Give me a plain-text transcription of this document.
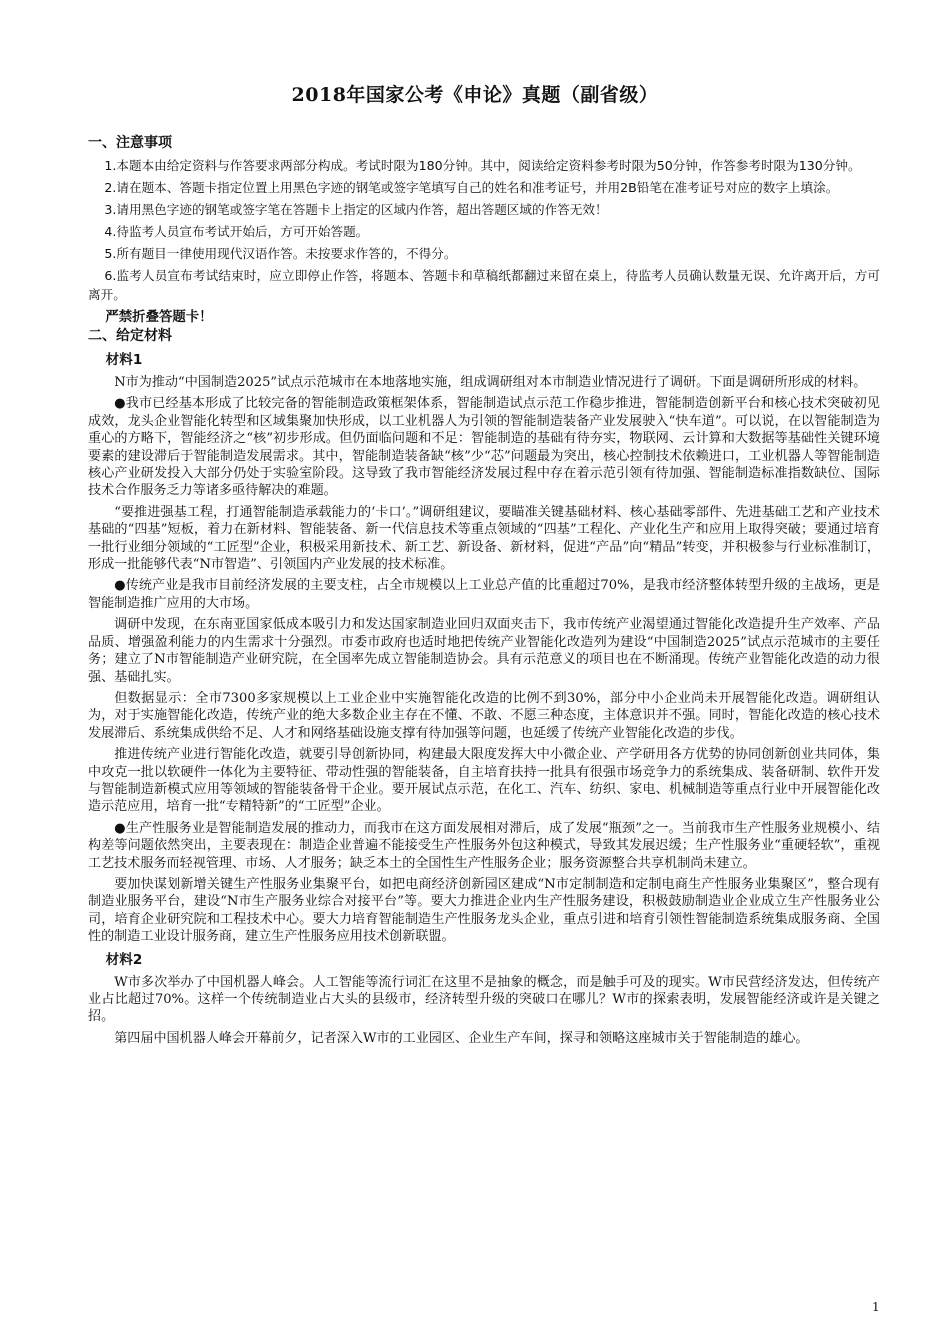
2018年国家公考《申论》真题（副省级）
一、注意事项
1.本题本由给定资料与作答要求两部分构成。考试时限为180分钟。其中，阅读给定资料参考时限为50分钟，作答参考时限为130分钟。
2.请在题本、答题卡指定位置上用黑色字迹的钢笔或签字笔填写自己的姓名和准考证号，并用2B铅笔在准考证号对应的数字上填涂。
3.请用黑色字迹的钢笔或签字笔在答题卡上指定的区域内作答，超出答题区域的作答无效！
4.待监考人员宣布考试开始后，方可开始答题。
5.所有题目一律使用现代汉语作答。未按要求作答的，不得分。
6.监考人员宣布考试结束时，应立即停止作答，将题本、答题卡和草稿纸都翻过来留在桌上，待监考人员确认数量无误、允许离开后，方可离开。
严禁折叠答题卡！
二、给定材料
材料1
N市为推动“中国制造2025”试点示范城市在本地落地实施，组成调研组对本市制造业情况进行了调研。下面是调研所形成的材料。
●我市已经基本形成了比较完备的智能制造政策框架体系，智能制造试点示范工作稳步推进，智能制造创新平台和核心技术突破初见成效，龙头企业智能化转型和区域集聚加快形成，以工业机器人为引领的智能制造装备产业发展驶入“快车道”。可以说，在以智能制造为重心的方略下，智能经济之“核”初步形成。但仍面临问题和不足：智能制造的基础有待夯实，物联网、云计算和大数据等基础性关键环境要素的建设滞后于智能制造发展需求。其中，智能制造装备缺“核”少“芯”问题最为突出，核心控制技术依赖进口，工业机器人等智能制造核心产业研发投入大部分仍处于实验室阶段。这导致了我市智能经济发展过程中存在着示范引领有待加强、智能制造标准指数缺位、国际技术合作服务乏力等诸多亟待解决的难题。
“要推进强基工程，打通智能制造承载能力的‘卡口’。”调研组建议，要瞄准关键基础材料、核心基础零部件、先进基础工艺和产业技术基础的“四基”短板，着力在新材料、智能装备、新一代信息技术等重点领域的“四基”工程化、产业化生产和应用上取得突破；要通过培育一批行业细分领域的“工匠型”企业，积极采用新技术、新工艺、新设备、新材料，促进“产品”向“精品”转变，并积极参与行业标准制订，形成一批能够代表“N市智造”、引领国内产业发展的技术标准。
●传统产业是我市目前经济发展的主要支柱，占全市规模以上工业总产值的比重超过70%，是我市经济整体转型升级的主战场，更是智能制造推广应用的大市场。
调研中发现，在东南亚国家低成本吸引力和发达国家制造业回归双面夹击下，我市传统产业渴望通过智能化改造提升生产效率、产品品质、增强盈利能力的内生需求十分强烈。市委市政府也适时地把传统产业智能化改造列为建设“中国制造2025”试点示范城市的主要任务；建立了N市智能制造产业研究院，在全国率先成立智能制造协会。具有示范意义的项目也在不断涌现。传统产业智能化改造的动力很强、基础扎实。
但数据显示：全市7300多家规模以上工业企业中实施智能化改造的比例不到30%，部分中小企业尚未开展智能化改造。调研组认为，对于实施智能化改造，传统产业的绝大多数企业主存在不懂、不敢、不愿三种态度，主体意识并不强。同时，智能化改造的核心技术发展滞后、系统集成供给不足、人才和网络基础设施支撑有待加强等问题，也延缓了传统产业智能化改造的步伐。
推进传统产业进行智能化改造，就要引导创新协同，构建最大限度发挥大中小微企业、产学研用各方优势的协同创新创业共同体，集中攻克一批以软硬件一体化为主要特征、带动性强的智能装备，自主培育扶持一批具有很强市场竞争力的系统集成、装备研制、软件开发与智能制造新模式应用等领域的智能装备骨干企业。要开展试点示范，在化工、汽车、纺织、家电、机械制造等重点行业中开展智能化改造示范应用，培育一批“专精特新”的“工匠型”企业。
●生产性服务业是智能制造发展的推动力，而我市在这方面发展相对滞后，成了发展“瓶颈”之一。当前我市生产性服务业规模小、结构差等问题依然突出，主要表现在：制造企业普遍不能接受生产性服务外包这种模式，导致其发展迟缓；生产性服务业“重硬轻软”，重视工艺技术服务而轻视管理、市场、人才服务；缺乏本土的全国性生产性服务企业；服务资源整合共享机制尚未建立。
要加快谋划新增关键生产性服务业集聚平台，如把电商经济创新园区建成“N市定制制造和定制电商生产性服务业集聚区”，整合现有制造业服务平台，建设“N市生产服务业综合对接平台”等。要大力推进企业内生产性服务建设，积极鼓励制造业企业成立生产性服务业公司，培育企业研究院和工程技术中心。要大力培育智能制造生产性服务龙头企业，重点引进和培育引领性智能制造系统集成服务商、全国性的制造工业设计服务商，建立生产性服务应用技术创新联盟。
材料2
W市多次举办了中国机器人峰会。人工智能等流行词汇在这里不是抽象的概念，而是触手可及的现实。W市民营经济发达，但传统产业占比超过70%。这样一个传统制造业占大头的县级市，经济转型升级的突破口在哪儿？W市的探索表明，发展智能经济或许是关键之招。
第四届中国机器人峰会开幕前夕，记者深入W市的工业园区、企业生产车间，探寻和领略这座城市关于智能制造的雄心。
1
